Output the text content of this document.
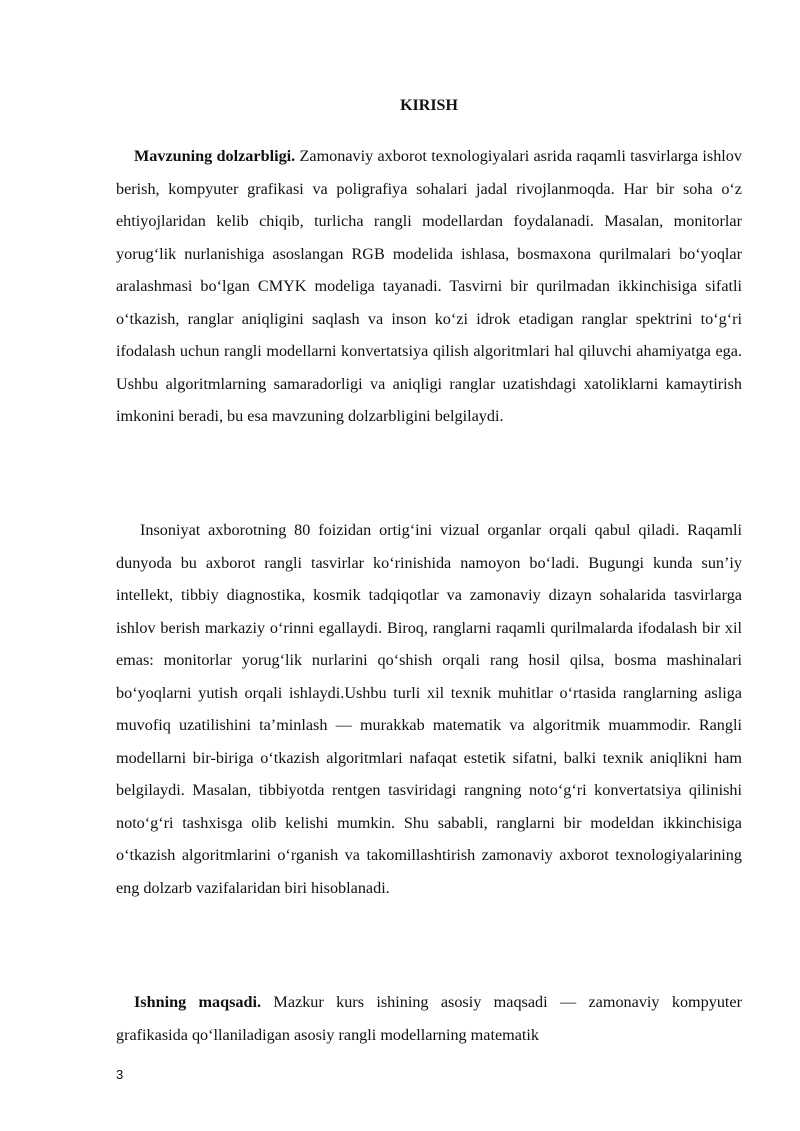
KIRISH

Mavzuning dolzarbligi. Zamonaviy axborot texnologiyalari asrida raqamli tasvirlarga ishlov berish, kompyuter grafikasi va poligrafiya sohalari jadal rivojlanmoqda. Har bir soha o‘z ehtiyojlaridan kelib chiqib, turlicha rangli modellardan foydalanadi. Masalan, monitorlar yorug‘lik nurlanishiga asoslangan RGB modelida ishlasa, bosmaxona qurilmalari bo‘yoqlar aralashmasi bo‘lgan CMYK modeliga tayanadi. Tasvirni bir qurilmadan ikkinchisiga sifatli o‘tkazish, ranglar aniqligini saqlash va inson ko‘zi idrok etadigan ranglar spektrini to‘g‘ri ifodalash uchun rangli modellarni konvertatsiya qilish algoritmlari hal qiluvchi ahamiyatga ega. Ushbu algoritmlarning samaradorligi va aniqligi ranglar uzatishdagi xatoliklarni kamaytirish imkonini beradi, bu esa mavzuning dolzarbligini belgilaydi.

Insoniyat axborotning 80 foizidan ortig‘ini vizual organlar orqali qabul qiladi. Raqamli dunyoda bu axborot rangli tasvirlar ko‘rinishida namoyon bo‘ladi. Bugungi kunda sun’iy intellekt, tibbiy diagnostika, kosmik tadqiqotlar va zamonaviy dizayn sohalarida tasvirlarga ishlov berish markaziy o‘rinni egallaydi. Biroq, ranglarni raqamli qurilmalarda ifodalash bir xil emas: monitorlar yorug‘lik nurlarini qo‘shish orqali rang hosil qilsa, bosma mashinalari bo‘yoqlarni yutish orqali ishlaydi.Ushbu turli xil texnik muhitlar o‘rtasida ranglarning asliga muvofiq uzatilishini ta’minlash — murakkab matematik va algoritmik muammodir. Rangli modellarni bir-biriga o‘tkazish algoritmlari nafaqat estetik sifatni, balki texnik aniqlikni ham belgilaydi. Masalan, tibbiyotda rentgen tasviridagi rangning noto‘g‘ri konvertatsiya qilinishi noto‘g‘ri tashxisga olib kelishi mumkin. Shu sababli, ranglarni bir modeldan ikkinchisiga o‘tkazish algoritmlarini o‘rganish va takomillashtirish zamonaviy axborot texnologiyalarining eng dolzarb vazifalaridan biri hisoblanadi.

Ishning maqsadi. Mazkur kurs ishining asosiy maqsadi — zamonaviy kompyuter grafikasida qo‘llaniladigan asosiy rangli modellarning matematik

3
